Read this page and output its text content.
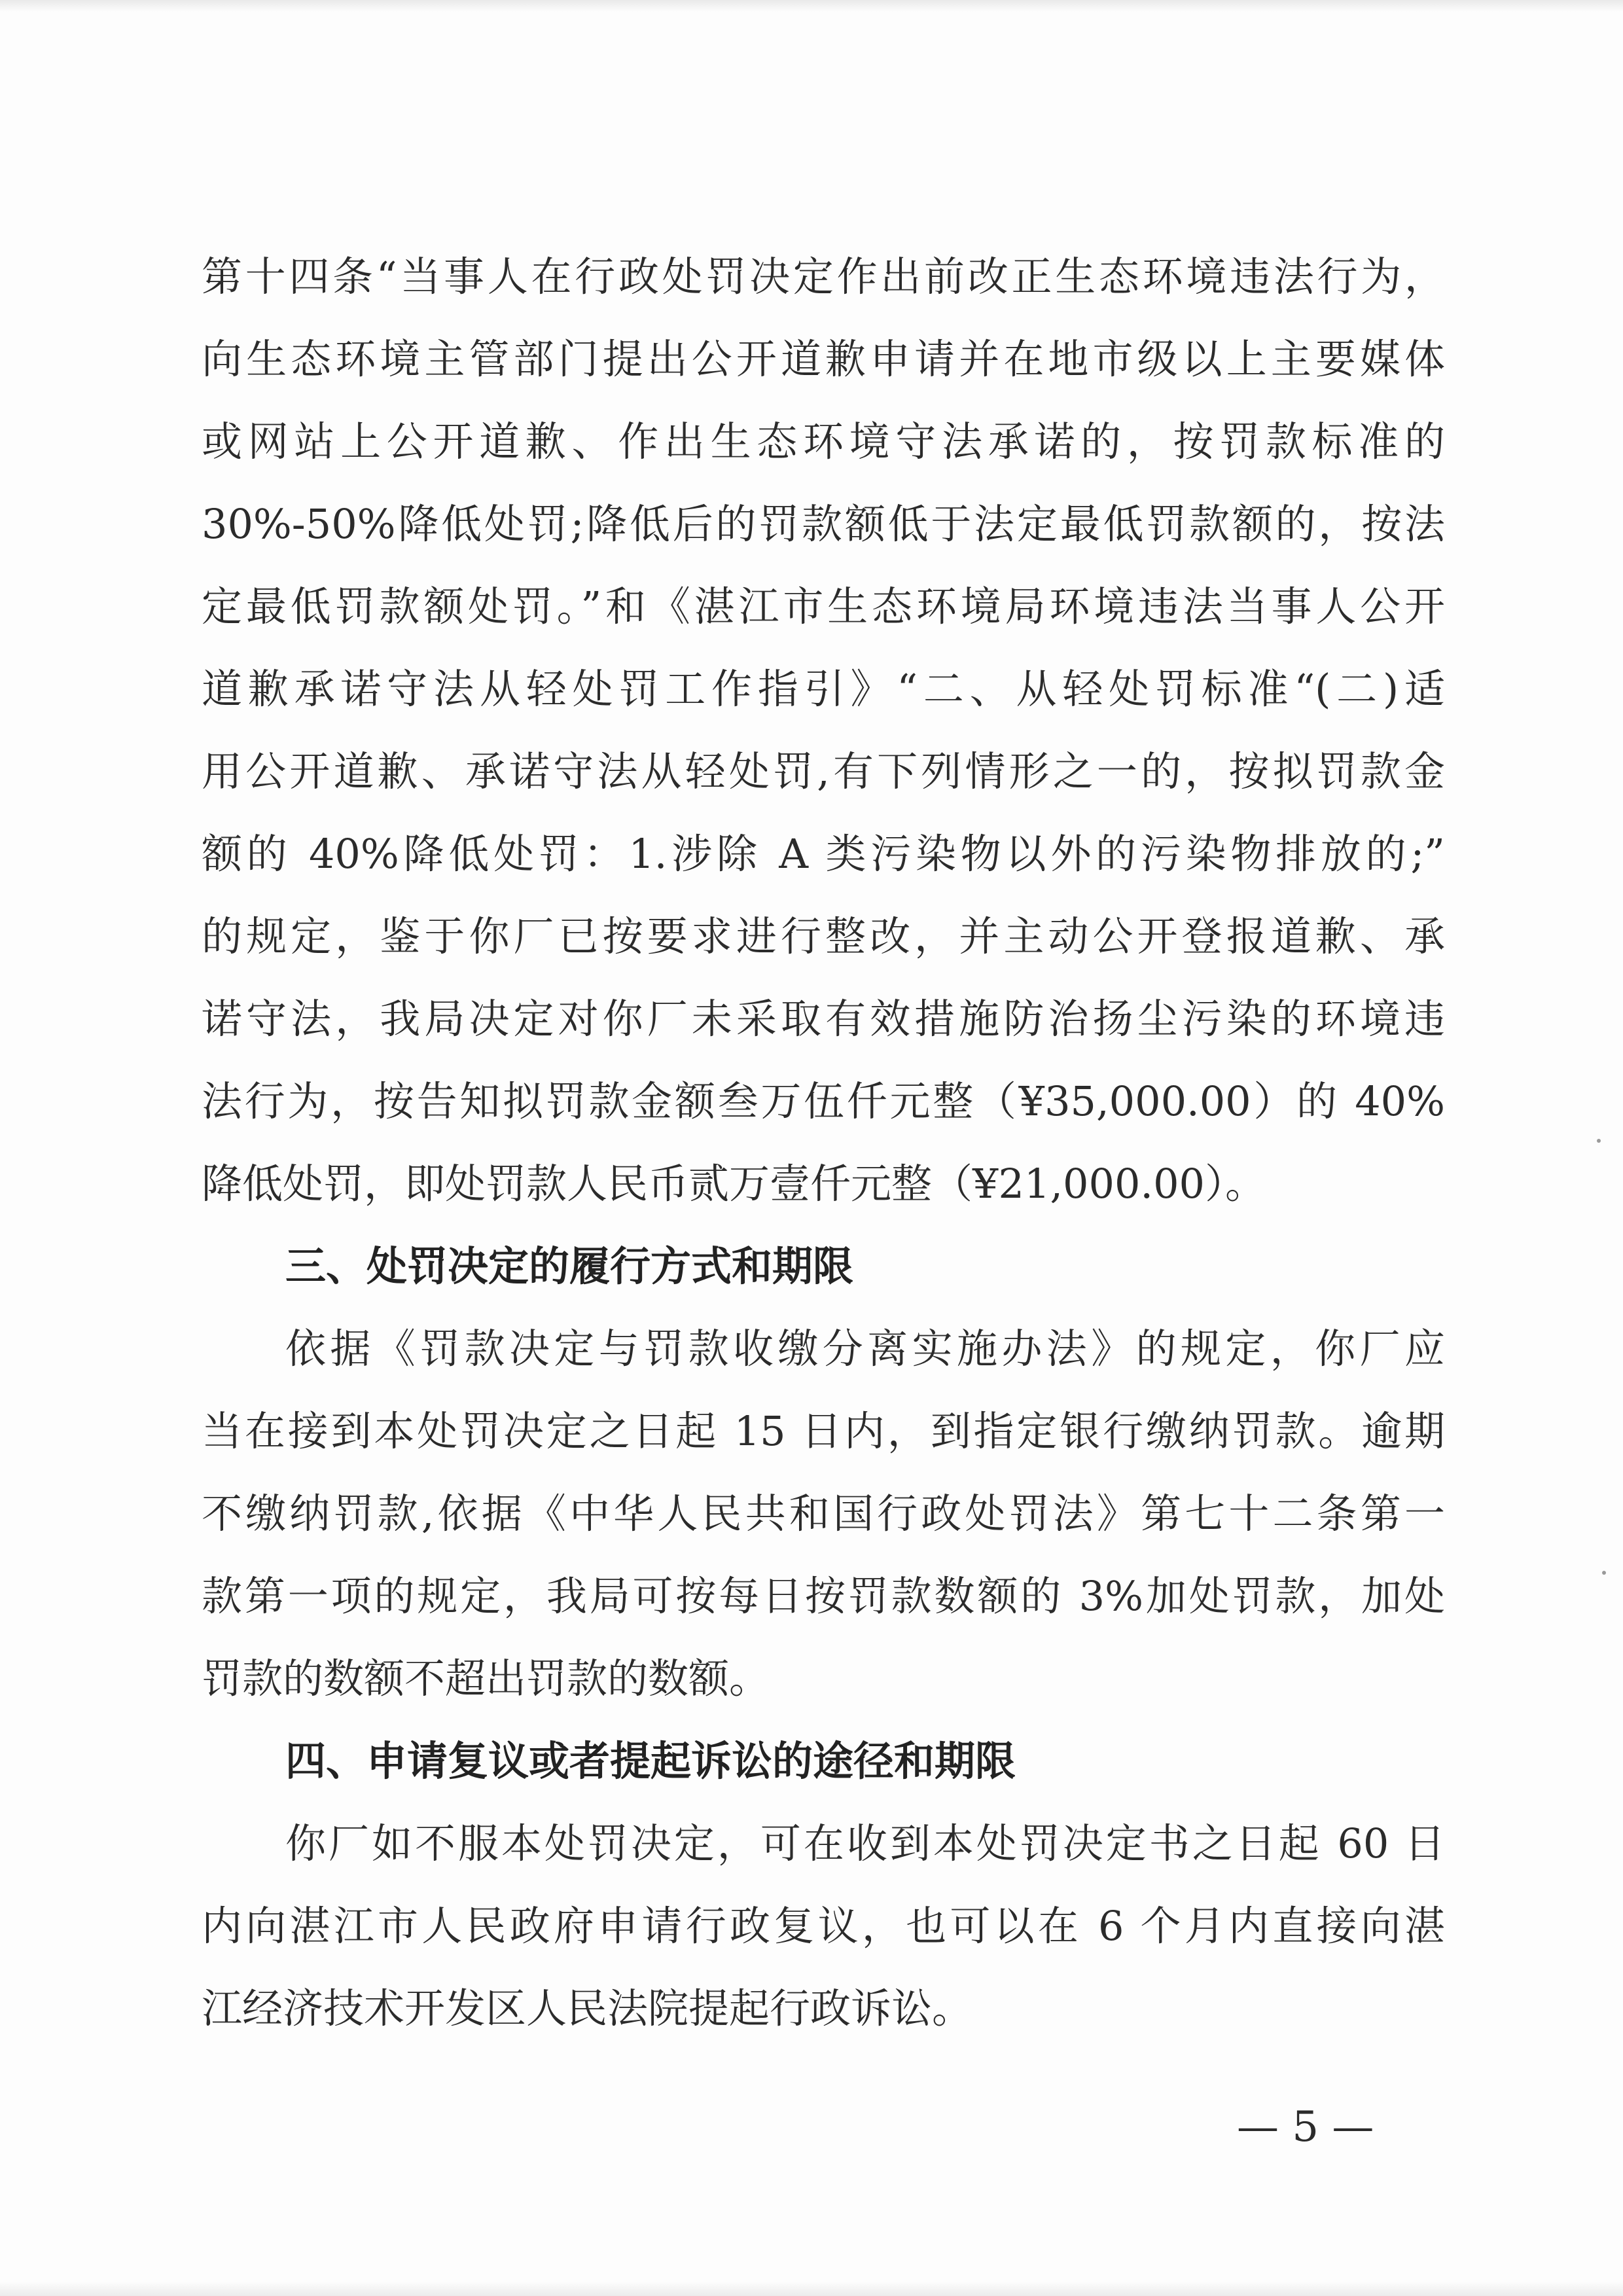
第十四条“当事人在行政处罚决定作出前改正生态环境违法行为，
向生态环境主管部门提出公开道歉申请并在地市级以上主要媒体
或网站上公开道歉、作出生态环境守法承诺的，按罚款标准的
30%-50%降低处罚;降低后的罚款额低于法定最低罚款额的，按法
定最低罚款额处罚。”和《湛江市生态环境局环境违法当事人公开
道歉承诺守法从轻处罚工作指引》“二、从轻处罚标准“(二)适
用公开道歉、承诺守法从轻处罚,有下列情形之一的，按拟罚款金
额的 40%降低处罚：1.涉除 A 类污染物以外的污染物排放的;”
的规定，鉴于你厂已按要求进行整改，并主动公开登报道歉、承
诺守法，我局决定对你厂未采取有效措施防治扬尘污染的环境违
法行为，按告知拟罚款金额叁万伍仟元整（¥35,000.00）的 40%
降低处罚，即处罚款人民币贰万壹仟元整（¥21,000.00）。
三、处罚决定的履行方式和期限
依据《罚款决定与罚款收缴分离实施办法》的规定，你厂应
当在接到本处罚决定之日起 15 日内，到指定银行缴纳罚款。逾期
不缴纳罚款,依据《中华人民共和国行政处罚法》第七十二条第一
款第一项的规定，我局可按每日按罚款数额的 3%加处罚款，加处
罚款的数额不超出罚款的数额。
四、申请复议或者提起诉讼的途径和期限
你厂如不服本处罚决定，可在收到本处罚决定书之日起 60 日
内向湛江市人民政府申请行政复议，也可以在 6 个月内直接向湛
江经济技术开发区人民法院提起行政诉讼。
— 5 —
